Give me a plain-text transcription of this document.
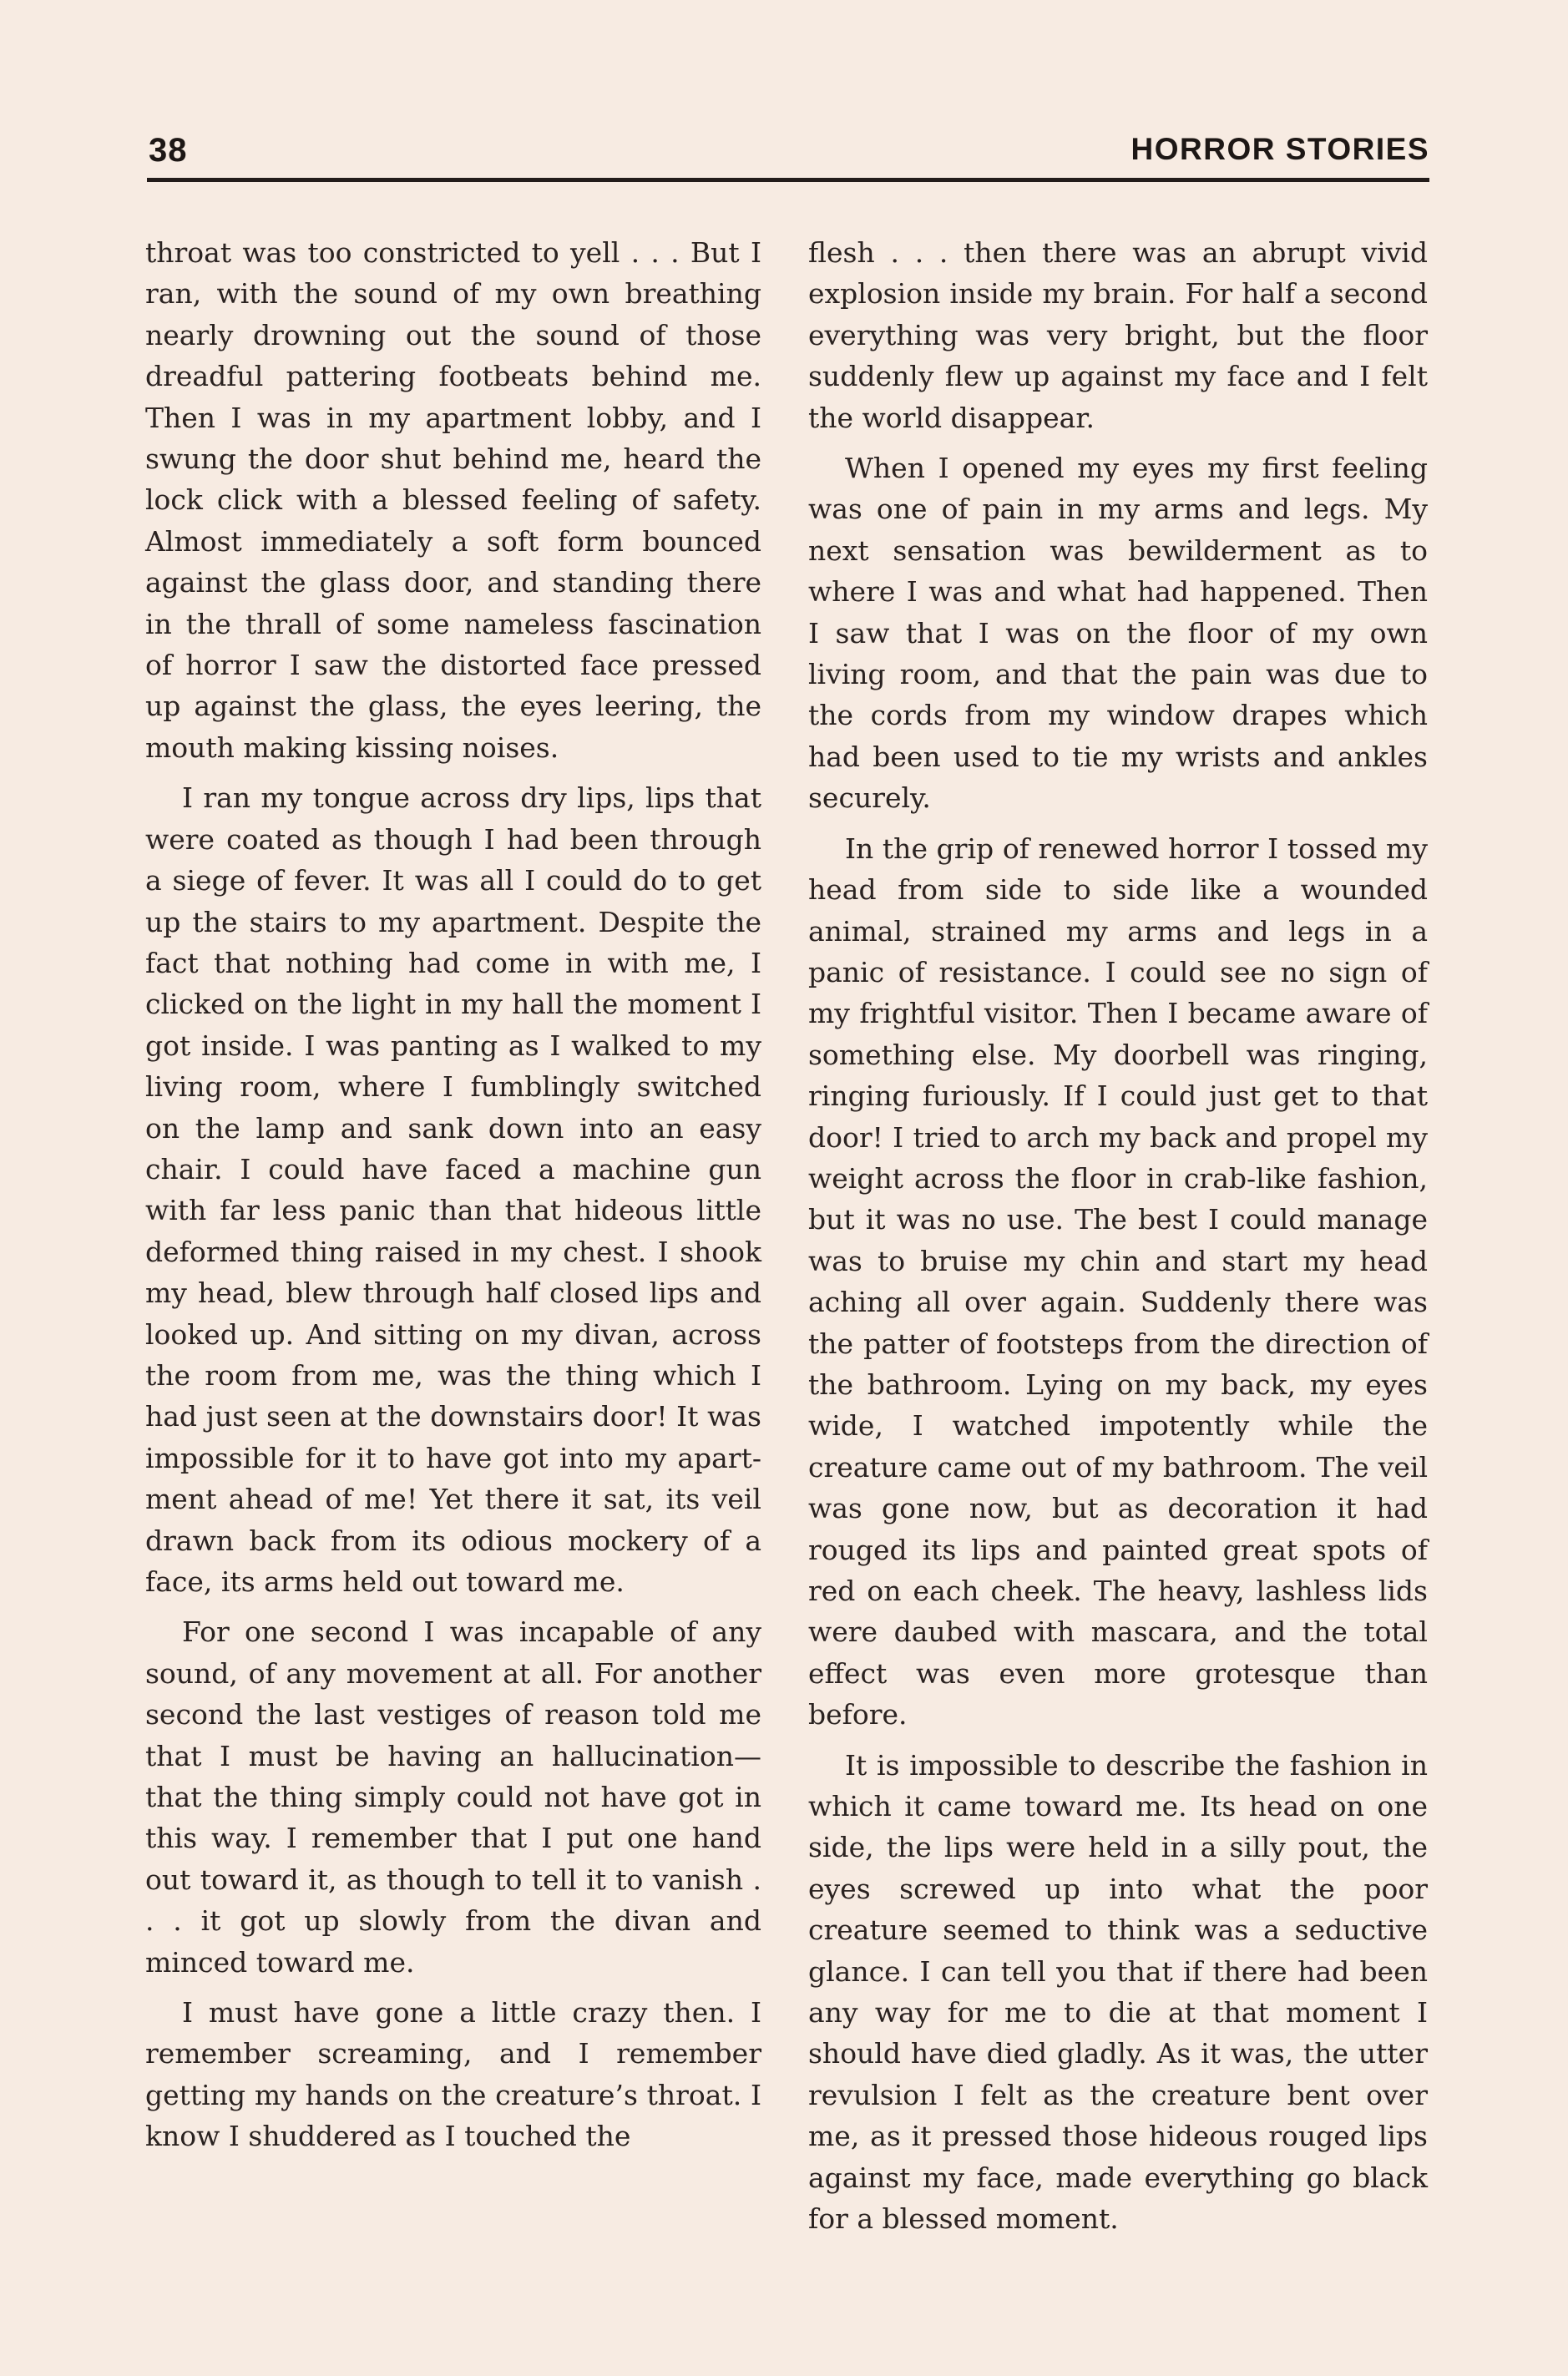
38	HORROR STORIES

throat was too constricted to yell . . . But I ran, with the sound of my own breathing nearly drowning out the sound of those dreadful pattering footbeats behind me. Then I was in my apartment lobby, and I swung the door shut behind me, heard the lock click with a blessed feeling of safety. Almost immediately a soft form bounced against the glass door, and standing there in the thrall of some nameless fascination of horror I saw the distorted face pressed up against the glass, the eyes leering, the mouth making kissing noises.

I ran my tongue across dry lips, lips that were coated as though I had been through a siege of fever. It was all I could do to get up the stairs to my apartment. Despite the fact that nothing had come in with me, I clicked on the light in my hall the moment I got inside. I was panting as I walked to my living room, where I fumblingly switched on the lamp and sank down into an easy chair. I could have faced a machine gun with far less panic than that hideous little deformed thing raised in my chest. I shook my head, blew through half closed lips and looked up. And sitting on my divan, across the room from me, was the thing which I had just seen at the downstairs door! It was impossible for it to have got into my apartment ahead of me! Yet there it sat, its veil drawn back from its odious mockery of a face, its arms held out toward me.

For one second I was incapable of any sound, of any movement at all. For another second the last vestiges of reason told me that I must be having an hallucination—that the thing simply could not have got in this way. I remember that I put one hand out toward it, as though to tell it to vanish . . . it got up slowly from the divan and minced toward me.

I must have gone a little crazy then. I remember screaming, and I remember getting my hands on the creature’s throat. I know I shuddered as I touched the

flesh . . . then there was an abrupt vivid explosion inside my brain. For half a second everything was very bright, but the floor suddenly flew up against my face and I felt the world disappear.

When I opened my eyes my first feeling was one of pain in my arms and legs. My next sensation was bewilderment as to where I was and what had happened. Then I saw that I was on the floor of my own living room, and that the pain was due to the cords from my window drapes which had been used to tie my wrists and ankles securely.

In the grip of renewed horror I tossed my head from side to side like a wounded animal, strained my arms and legs in a panic of resistance. I could see no sign of my frightful visitor. Then I became aware of something else. My doorbell was ringing, ringing furiously. If I could just get to that door! I tried to arch my back and propel my weight across the floor in crab-like fashion, but it was no use. The best I could manage was to bruise my chin and start my head aching all over again. Suddenly there was the patter of footsteps from the direction of the bathroom. Lying on my back, my eyes wide, I watched impotently while the creature came out of my bathroom. The veil was gone now, but as decoration it had rouged its lips and painted great spots of red on each cheek. The heavy, lashless lids were daubed with mascara, and the total effect was even more grotesque than before.

It is impossible to describe the fashion in which it came toward me. Its head on one side, the lips were held in a silly pout, the eyes screwed up into what the poor creature seemed to think was a seductive glance. I can tell you that if there had been any way for me to die at that moment I should have died gladly. As it was, the utter revulsion I felt as the creature bent over me, as it pressed those hideous rouged lips against my face, made everything go black for a blessed moment.
